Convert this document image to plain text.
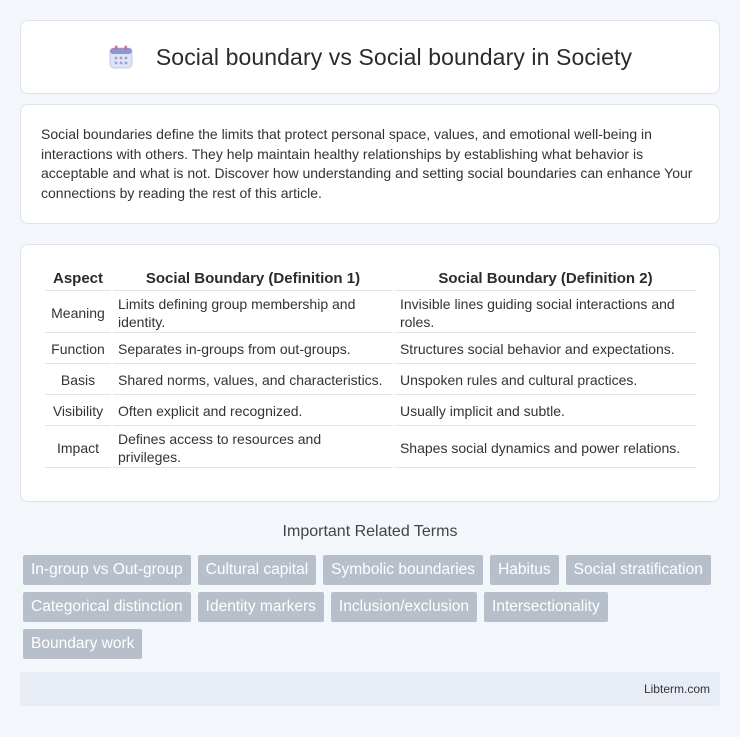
Social boundary vs Social boundary in Society

Social boundaries define the limits that protect personal space, values, and emotional well-being in interactions with others. They help maintain healthy relationships by establishing what behavior is acceptable and what is not. Discover how understanding and setting social boundaries can enhance Your connections by reading the rest of this article.

Aspect	Social Boundary (Definition 1)	Social Boundary (Definition 2)
Meaning	Limits defining group membership and identity.	Invisible lines guiding social interactions and roles.
Function	Separates in-groups from out-groups.	Structures social behavior and expectations.
Basis	Shared norms, values, and characteristics.	Unspoken rules and cultural practices.
Visibility	Often explicit and recognized.	Usually implicit and subtle.
Impact	Defines access to resources and privileges.	Shapes social dynamics and power relations.
Important Related Terms
In-group vs Out-group	Cultural capital	Symbolic boundaries	Habitus	Social stratification
Categorical distinction	Identity markers	Inclusion/exclusion	Intersectionality
Boundary work
Libterm.com
